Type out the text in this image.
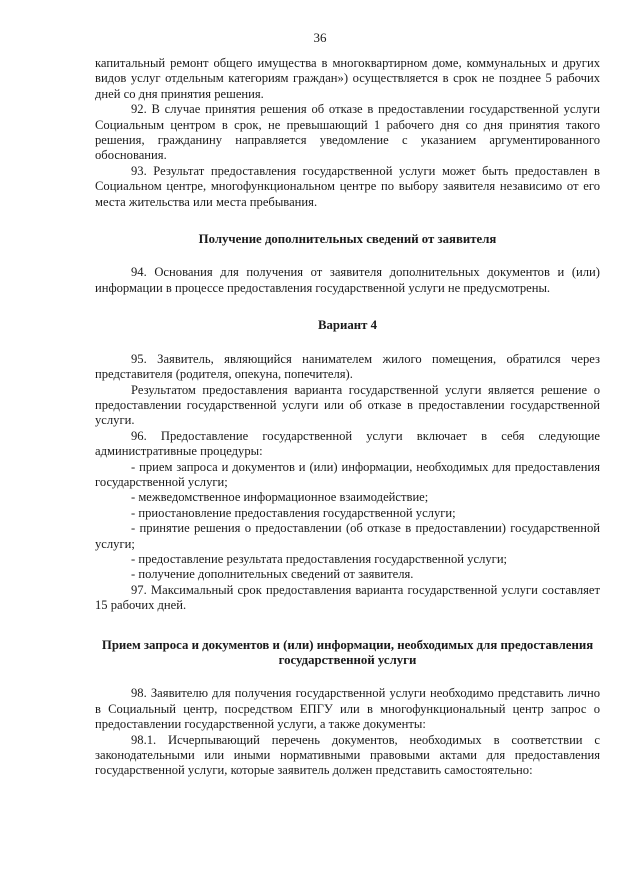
36

капитальный ремонт общего имущества в многоквартирном доме, коммунальных и других видов услуг отдельным категориям граждан») осуществляется в срок не позднее 5 рабочих дней со дня принятия решения.

92. В случае принятия решения об отказе в предоставлении государственной услуги Социальным центром в срок, не превышающий 1 рабочего дня со дня принятия такого решения, гражданину направляется уведомление с указанием аргументированного обоснования.

93. Результат предоставления государственной услуги может быть предоставлен в Социальном центре, многофункциональном центре по выбору заявителя независимо от его места жительства или места пребывания.

Получение дополнительных сведений от заявителя

94. Основания для получения от заявителя дополнительных документов и (или) информации в процессе предоставления государственной услуги не предусмотрены.

Вариант 4

95. Заявитель, являющийся нанимателем жилого помещения, обратился через представителя (родителя, опекуна, попечителя).

Результатом предоставления варианта государственной услуги является решение о предоставлении государственной услуги или об отказе в предоставлении государственной услуги.

96. Предоставление государственной услуги включает в себя следующие административные процедуры:

- прием запроса и документов и (или) информации, необходимых для предоставления государственной услуги;

- межведомственное информационное взаимодействие;

- приостановление предоставления государственной услуги;

- принятие решения о предоставлении (об отказе в предоставлении) государственной услуги;

- предоставление результата предоставления государственной услуги;

- получение дополнительных сведений от заявителя.

97. Максимальный срок предоставления варианта государственной услуги составляет 15 рабочих дней.

Прием запроса и документов и (или) информации, необходимых для предоставления государственной услуги

98. Заявителю для получения государственной услуги необходимо представить лично в Социальный центр, посредством ЕПГУ или в многофункциональный центр запрос о предоставлении государственной услуги, а также документы:

98.1. Исчерпывающий перечень документов, необходимых в соответствии с законодательными или иными нормативными правовыми актами для предоставления государственной услуги, которые заявитель должен представить самостоятельно:
